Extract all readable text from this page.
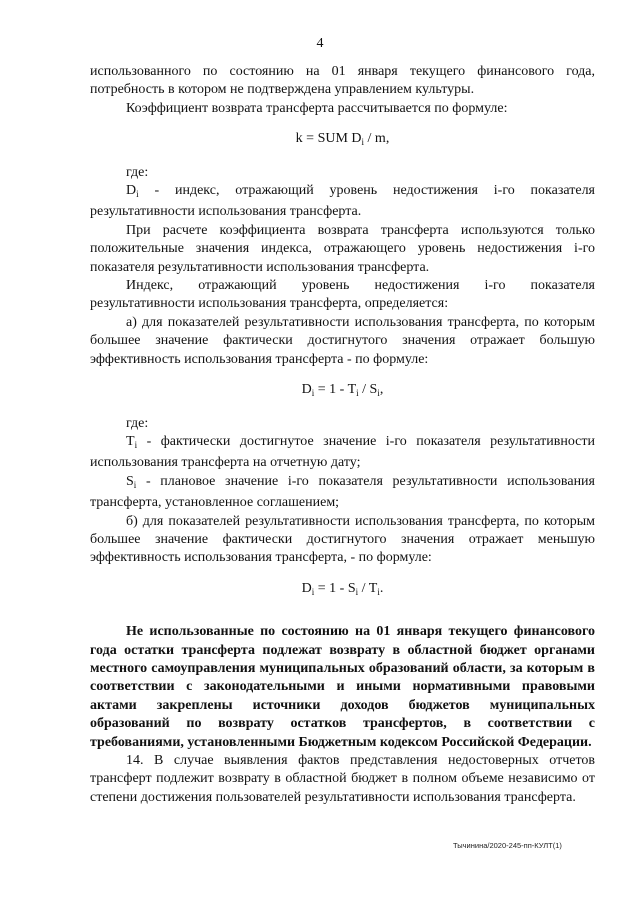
4

использованного по состоянию на 01 января текущего финансового года, потребность в котором не подтверждена управлением культуры.

Коэффициент возврата трансферта рассчитывается по формуле:

k = SUM $D_i$ / m,

где:

$D_i$ - индекс, отражающий уровень недостижения i-го показателя результативности использования трансферта.

При расчете коэффициента возврата трансферта используются только положительные значения индекса, отражающего уровень недостижения i-го показателя результативности использования трансферта.

Индекс, отражающий уровень недостижения i-го показателя результативности использования трансферта, определяется:

а) для показателей результативности использования трансферта, по которым большее значение фактически достигнутого значения отражает большую эффективность использования трансферта - по формуле:

$D_i = 1 - T_i / S_i$,

где:

$T_i$ - фактически достигнутое значение i-го показателя результативности использования трансферта на отчетную дату;

$S_i$ - плановое значение i-го показателя результативности использования трансферта, установленное соглашением;

б) для показателей результативности использования трансферта, по которым большее значение фактически достигнутого значения отражает меньшую эффективность использования трансферта, - по формуле:

$D_i = 1 - S_i / T_i$.

Не использованные по состоянию на 01 января текущего финансового года остатки трансферта подлежат возврату в областной бюджет органами местного самоуправления муниципальных образований области, за которым в соответствии с законодательными и иными нормативными правовыми актами закреплены источники доходов бюджетов муниципальных образований по возврату остатков трансфертов, в соответствии с требованиями, установленными Бюджетным кодексом Российской Федерации.

14. В случае выявления фактов представления недостоверных отчетов трансферт подлежит возврату в областной бюджет в полном объеме независимо от степени достижения пользователей результативности использования трансферта.

Тычинина/2020-245-пп-КУЛТ(1)
